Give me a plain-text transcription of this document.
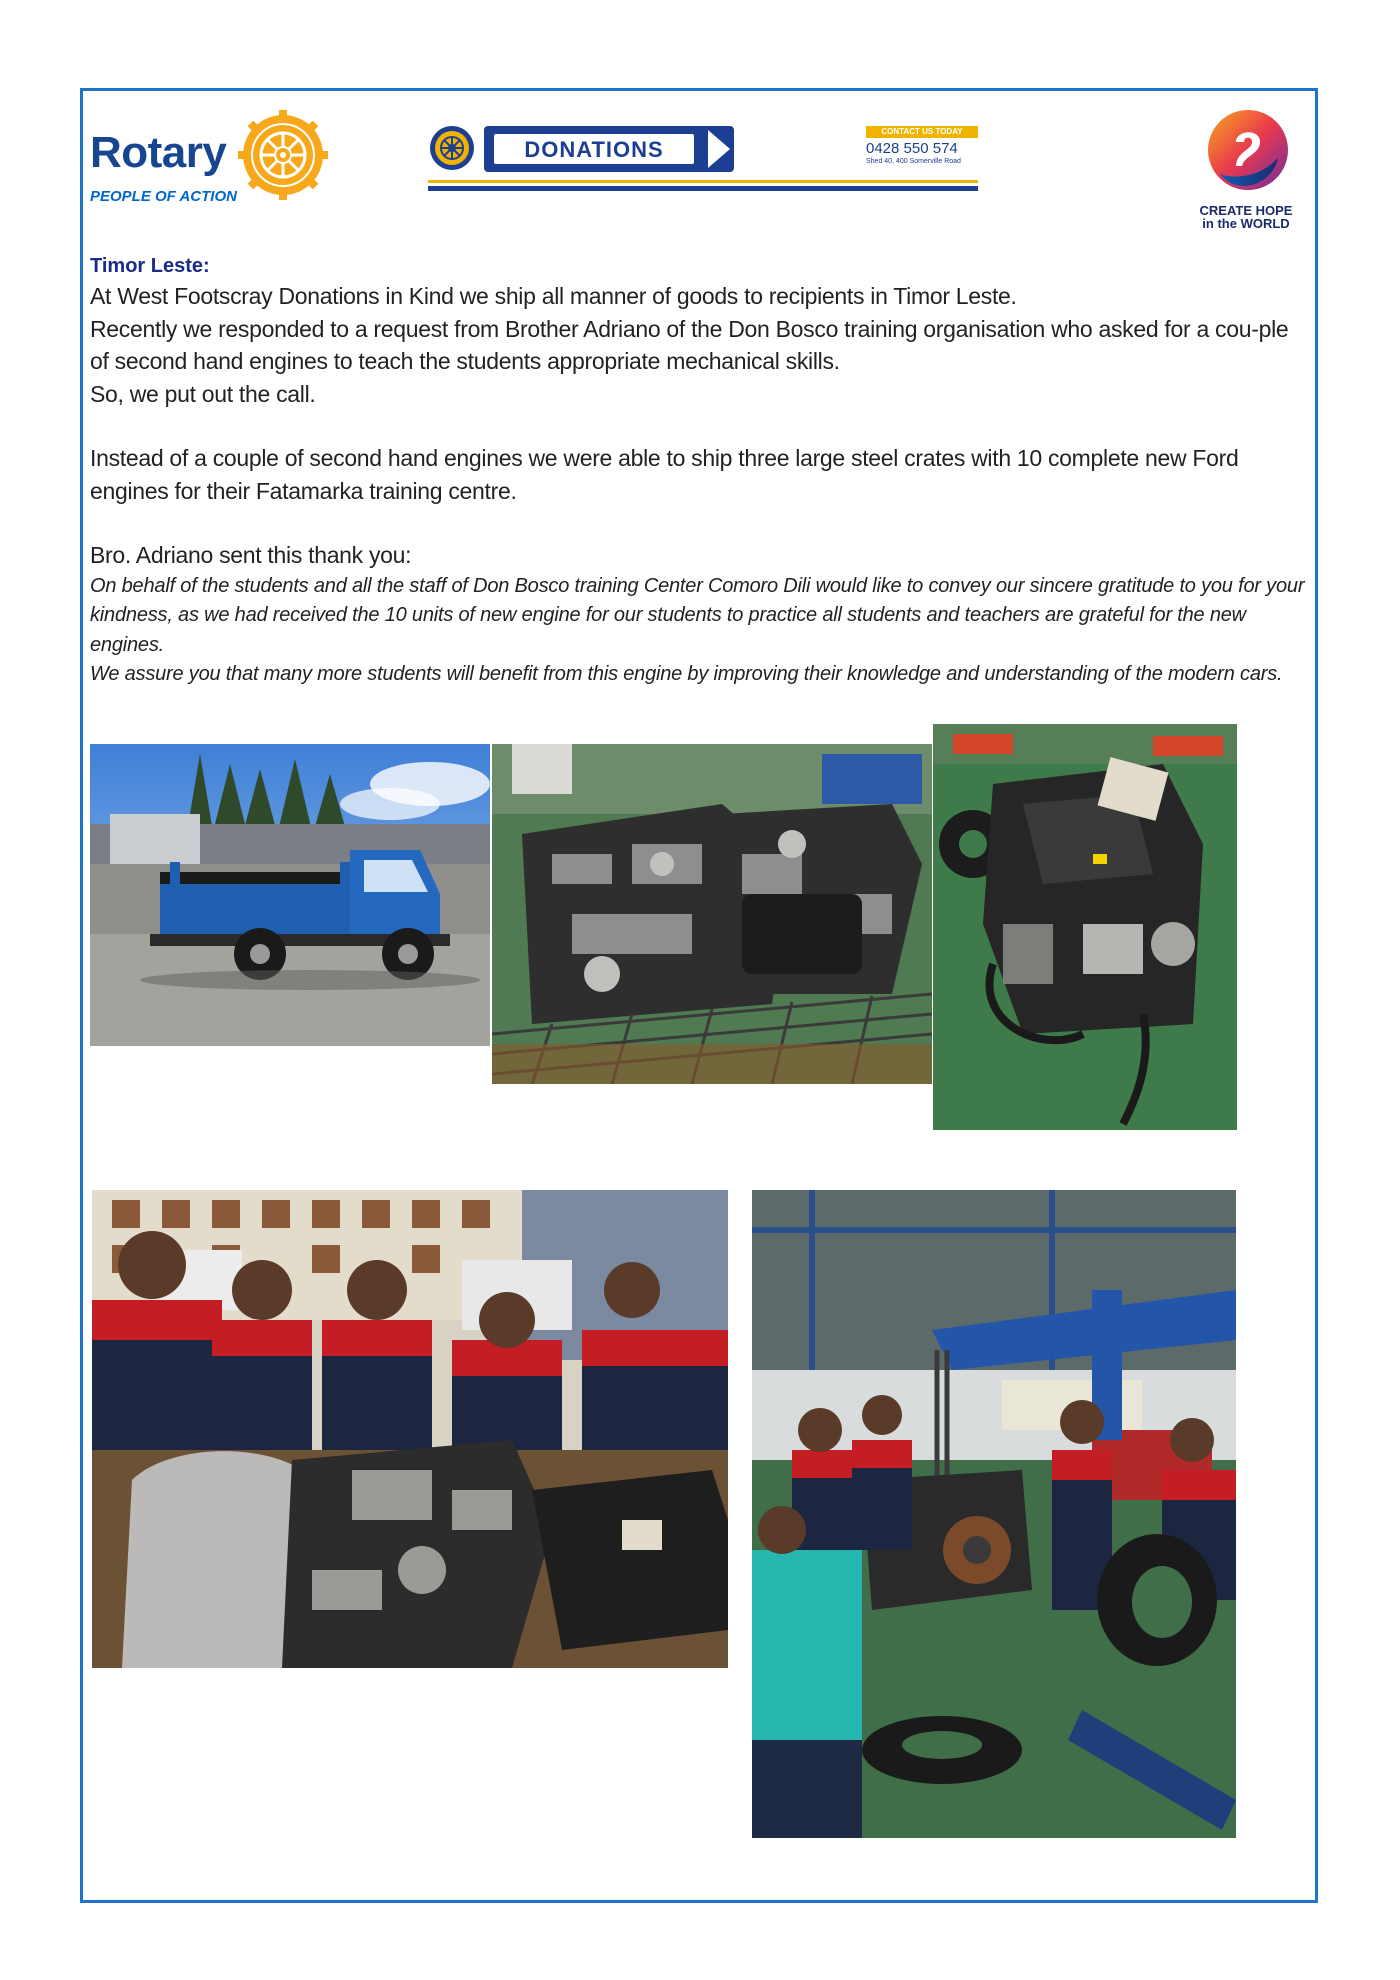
Rotary
PEOPLE OF ACTION
DONATIONS
CONTACT US TODAY
0428 550 574
Shed 40, 400 Somerville Road
CREATE HOPE
in the WORLD

Timor Leste:

At West Footscray Donations in Kind we ship all manner of goods to recipients in Timor Leste.

Recently we responded to a request from Brother Adriano of the Don Bosco training organisation who asked for a cou-ple of second hand engines to teach the students appropriate mechanical skills.

So, we put out the call.

Instead of a couple of second hand engines we were able to ship three large steel crates with 10 complete new Ford engines for their Fatamarka training centre.

Bro. Adriano sent this thank you:

On behalf of the students and all the staff of Don Bosco training Center Comoro Dili would like to convey our sincere gratitude to you for your kindness, as we had received the 10 units of new engine for our students to practice all students and teachers are grateful for the new engines.

We assure you that many more students will benefit from this engine by improving their knowledge and understanding of the modern cars.
